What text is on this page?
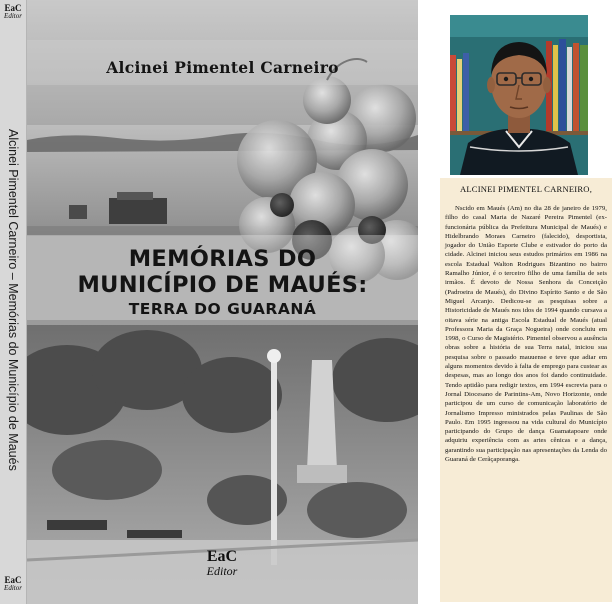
EaC
Editor
Alcinei Pimentel Carneiro – Memórias do Município de Maués
EaC
Editor
Alcinei Pimentel Carneiro
MEMÓRIAS DO
MUNICÍPIO DE MAUÉS:
TERRA DO GUARANÁ
EaC
Editor
ALCINEI PIMENTEL CARNEIRO,

Nscido em Maués (Am) no dia 28 de janeiro de 1979, filho do casal Maria de Nazaré Pereira Pimentel (ex-funcionária pública da Prefeitura Municipal de Maués) e Hidelbrando Moraes Carneiro (falecido), desportista, jogador do União Esporte Clube e estivador do porto da cidade. Alcinei iniciou seus estudos primários em 1986 na escola Estadual Walton Rodrigues Bizantino no bairro Ramalho Júnior, é o terceiro filho de uma família de seis irmãos. É devoto de Nossa Senhora da Conceição (Padroeira de Maués), do Divino Espírito Santo e de São Miguel Arcanjo. Dedicou-se as pesquisas sobre a Historicidade de Maués nos idos de 1994 quando cursava a oitava série na antiga Escola Estadual de Maués (atual Professora Maria da Graça Nogueira) onde concluiu em 1998, o Curso de Magistério. Pimentel observou a ausência obras sobre a história de sua Terra natal, iniciou sua pesquisa sobre o passado mauuense e teve que adiar em alguns momentos devido à falta de emprego para custear as despesas, mas ao longo dos anos foi dando continuidade. Tendo aptidão para redigir textos, em 1994 escrevia para o Jornal Diocesano de Parintins-Am, Novo Horizonte, onde participou de um curso de comunicação laboratório de Jornalismo Impresso ministrados pelas Paulinas de São Paulo. Em 1995 ingressou na vida cultural do Município participando do Grupo de dança Guamatapoare onde adquiriu experiência com as artes cênicas e a dança, garantindo sua participação nas apresentações da Lenda do Guaraná de Cerãçaporanga.
